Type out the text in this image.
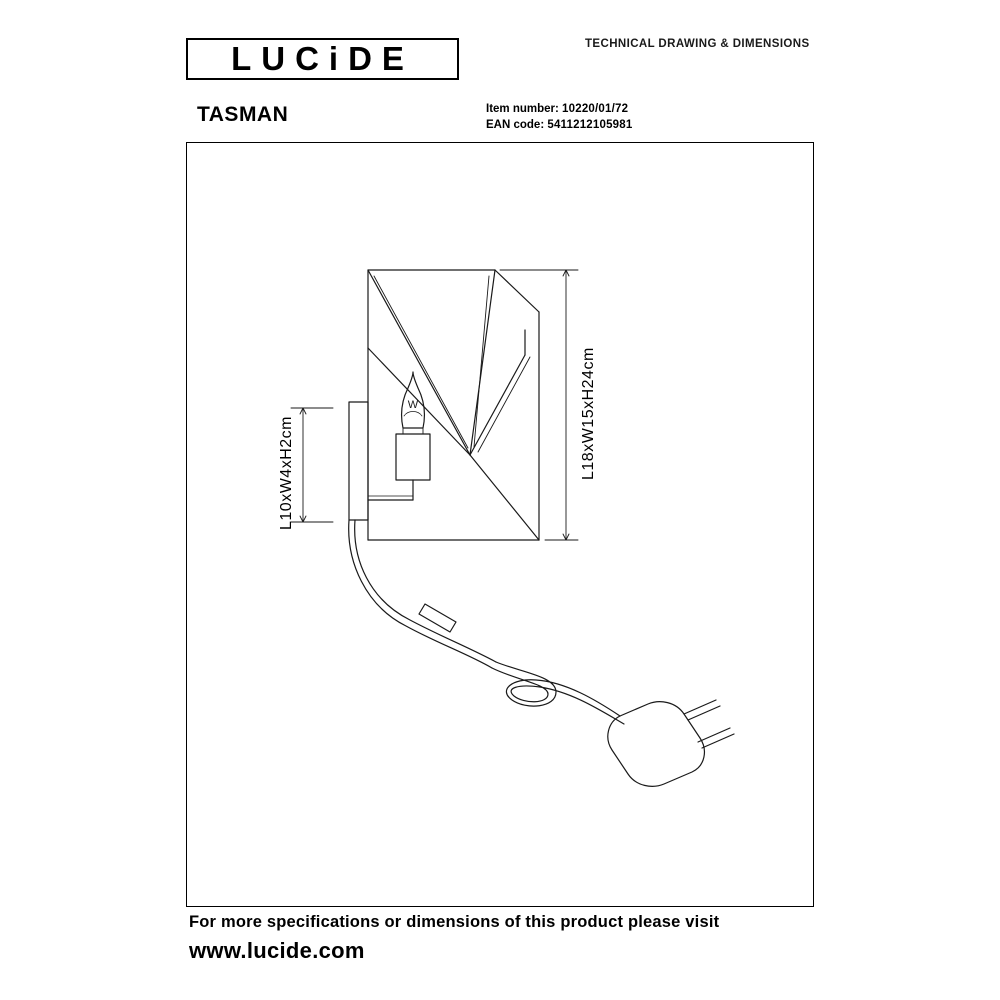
LUCiDE	TECHNICAL DRAWING & DIMENSIONS
TASMAN	Item number: 10220/01/72
EAN code: 5411212105981
W
L10xW4xH2cm	L18xW15xH24cm
For more specifications or dimensions of this product please visit
www.lucide.com
